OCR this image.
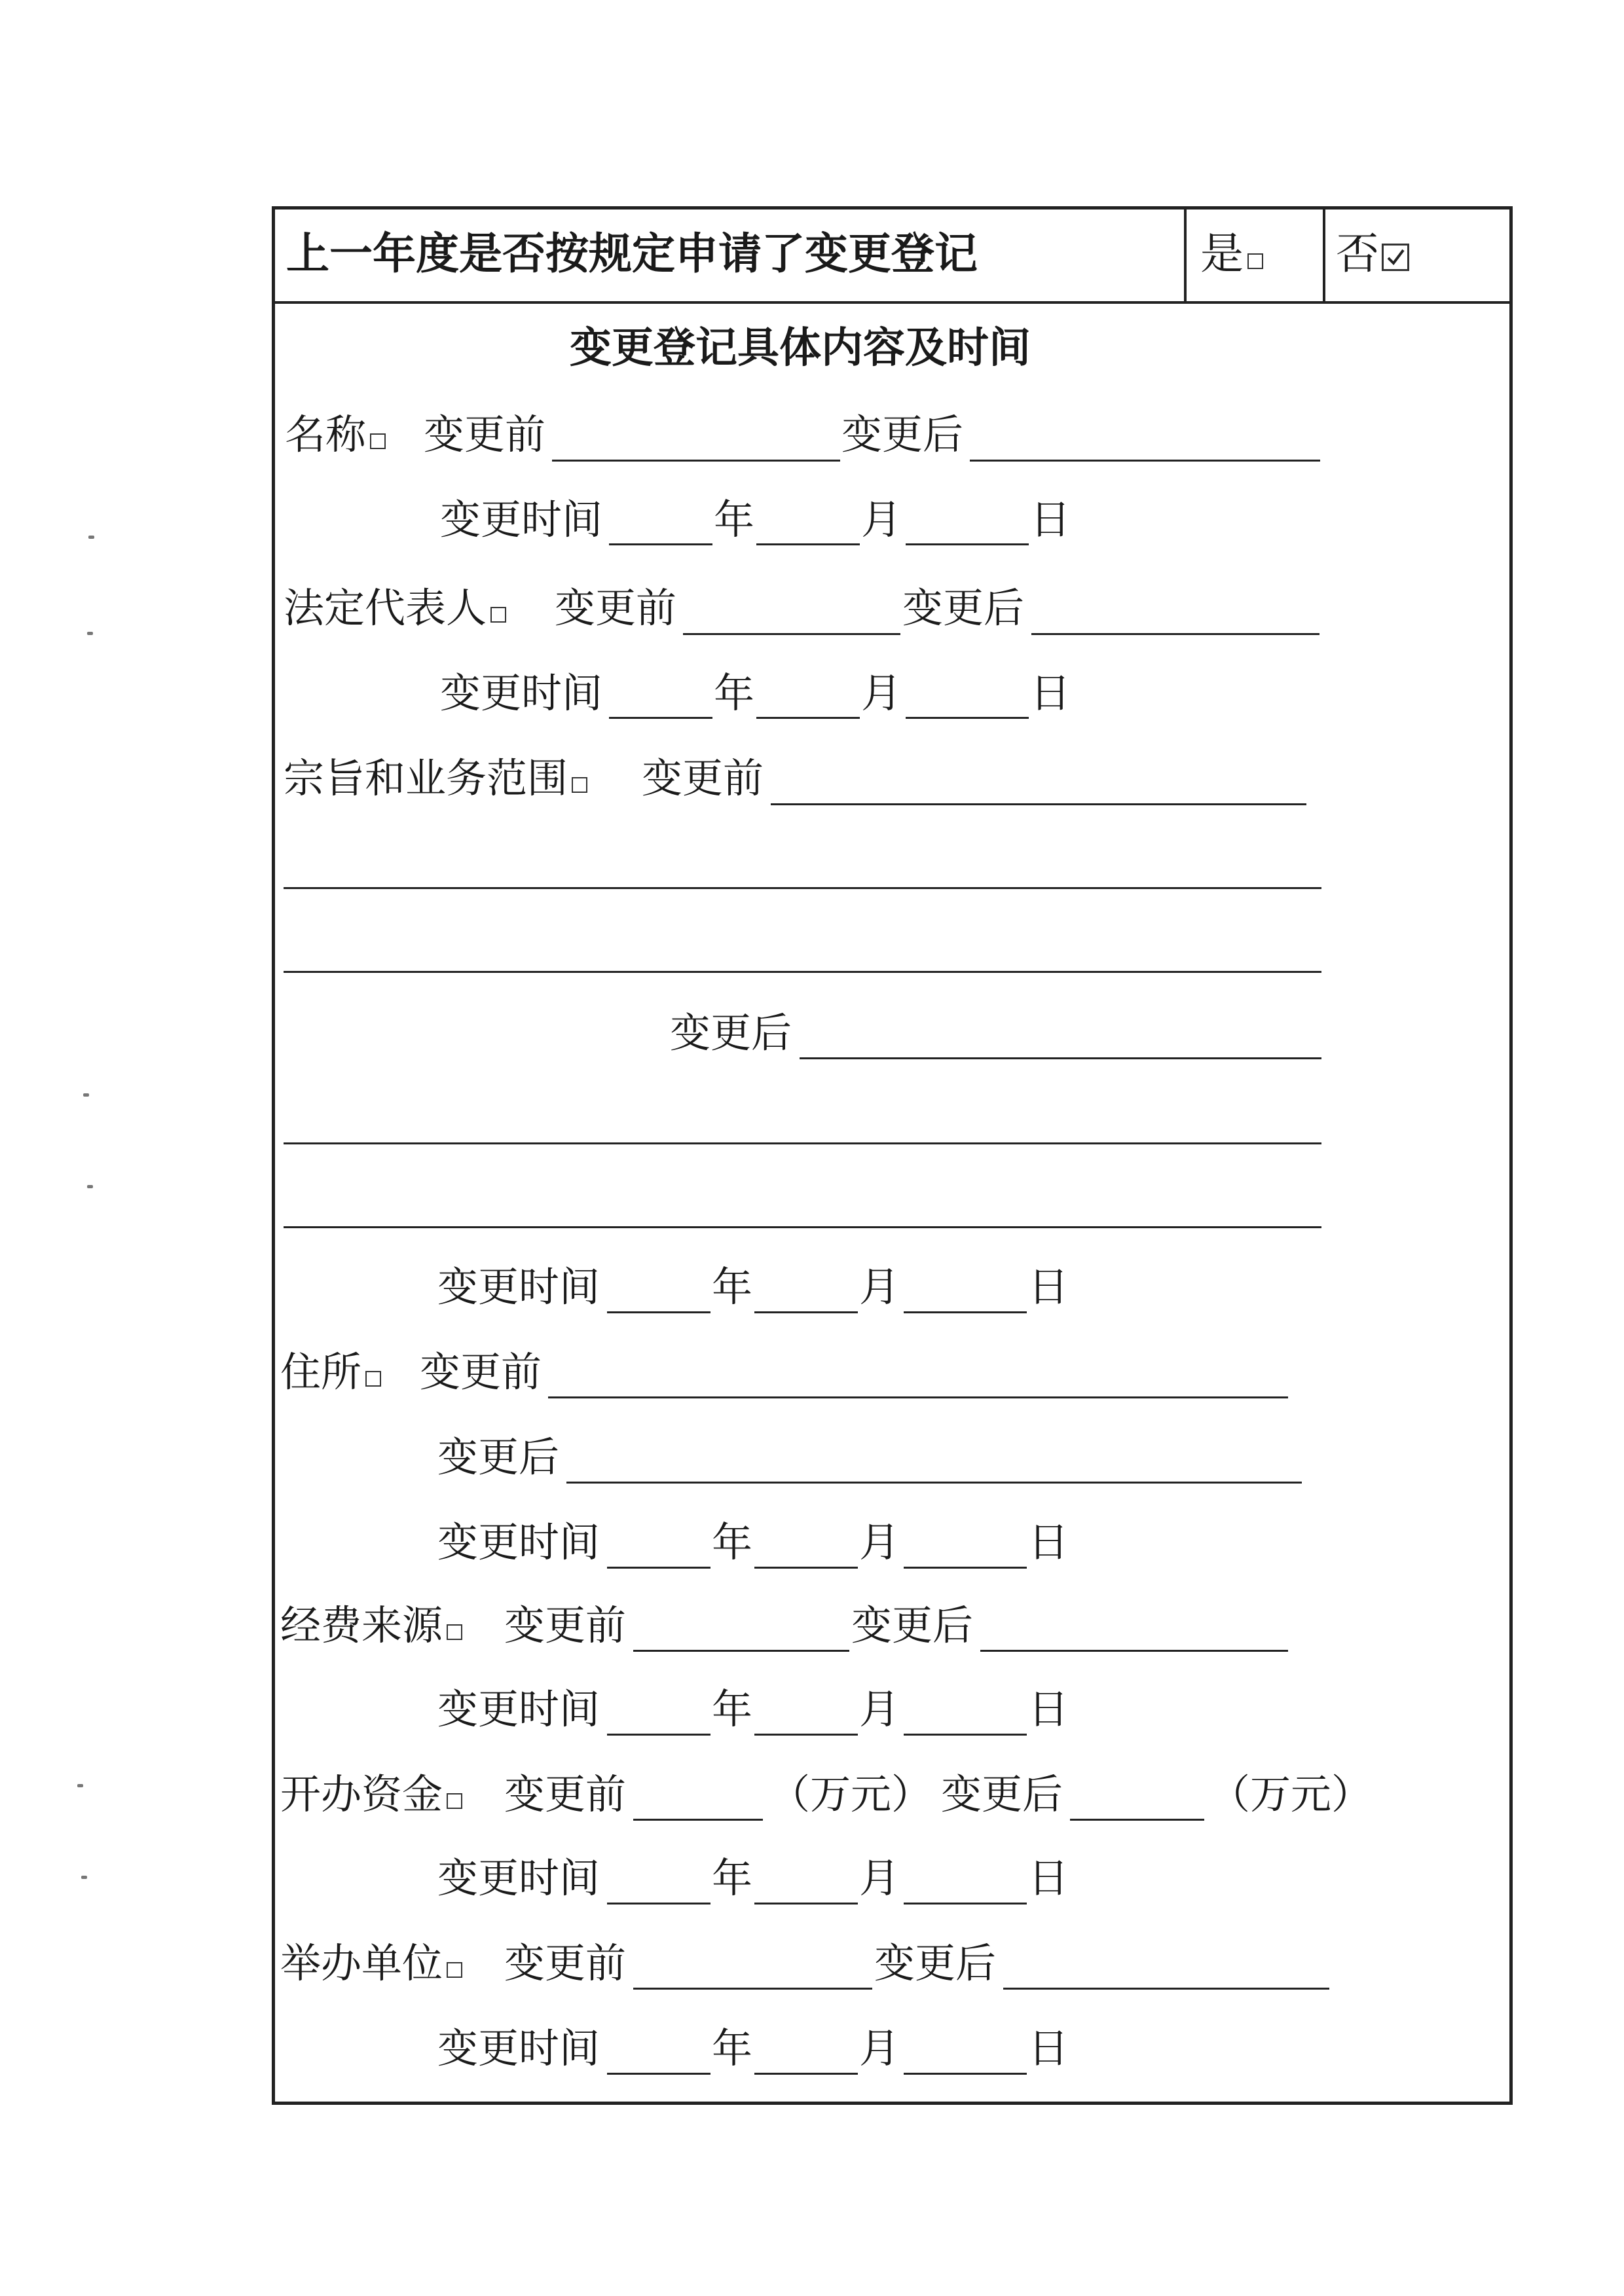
上一年度是否按规定申请了变更登记	是	否
变更登记具体内容及时间
名称	变更前	变更后
变更时间	年	月	日
法定代表人	变更前	变更后
变更时间	年	月	日
宗旨和业务范围	变更前
变更后
变更时间	年	月	日
住所	变更前
变更后
变更时间	年	月	日
经费来源	变更前	变更后
变更时间	年	月	日
开办资金	变更前	（万元） 变更后	（万元）
变更时间	年	月	日
举办单位	变更前	变更后
变更时间	年	月	日
